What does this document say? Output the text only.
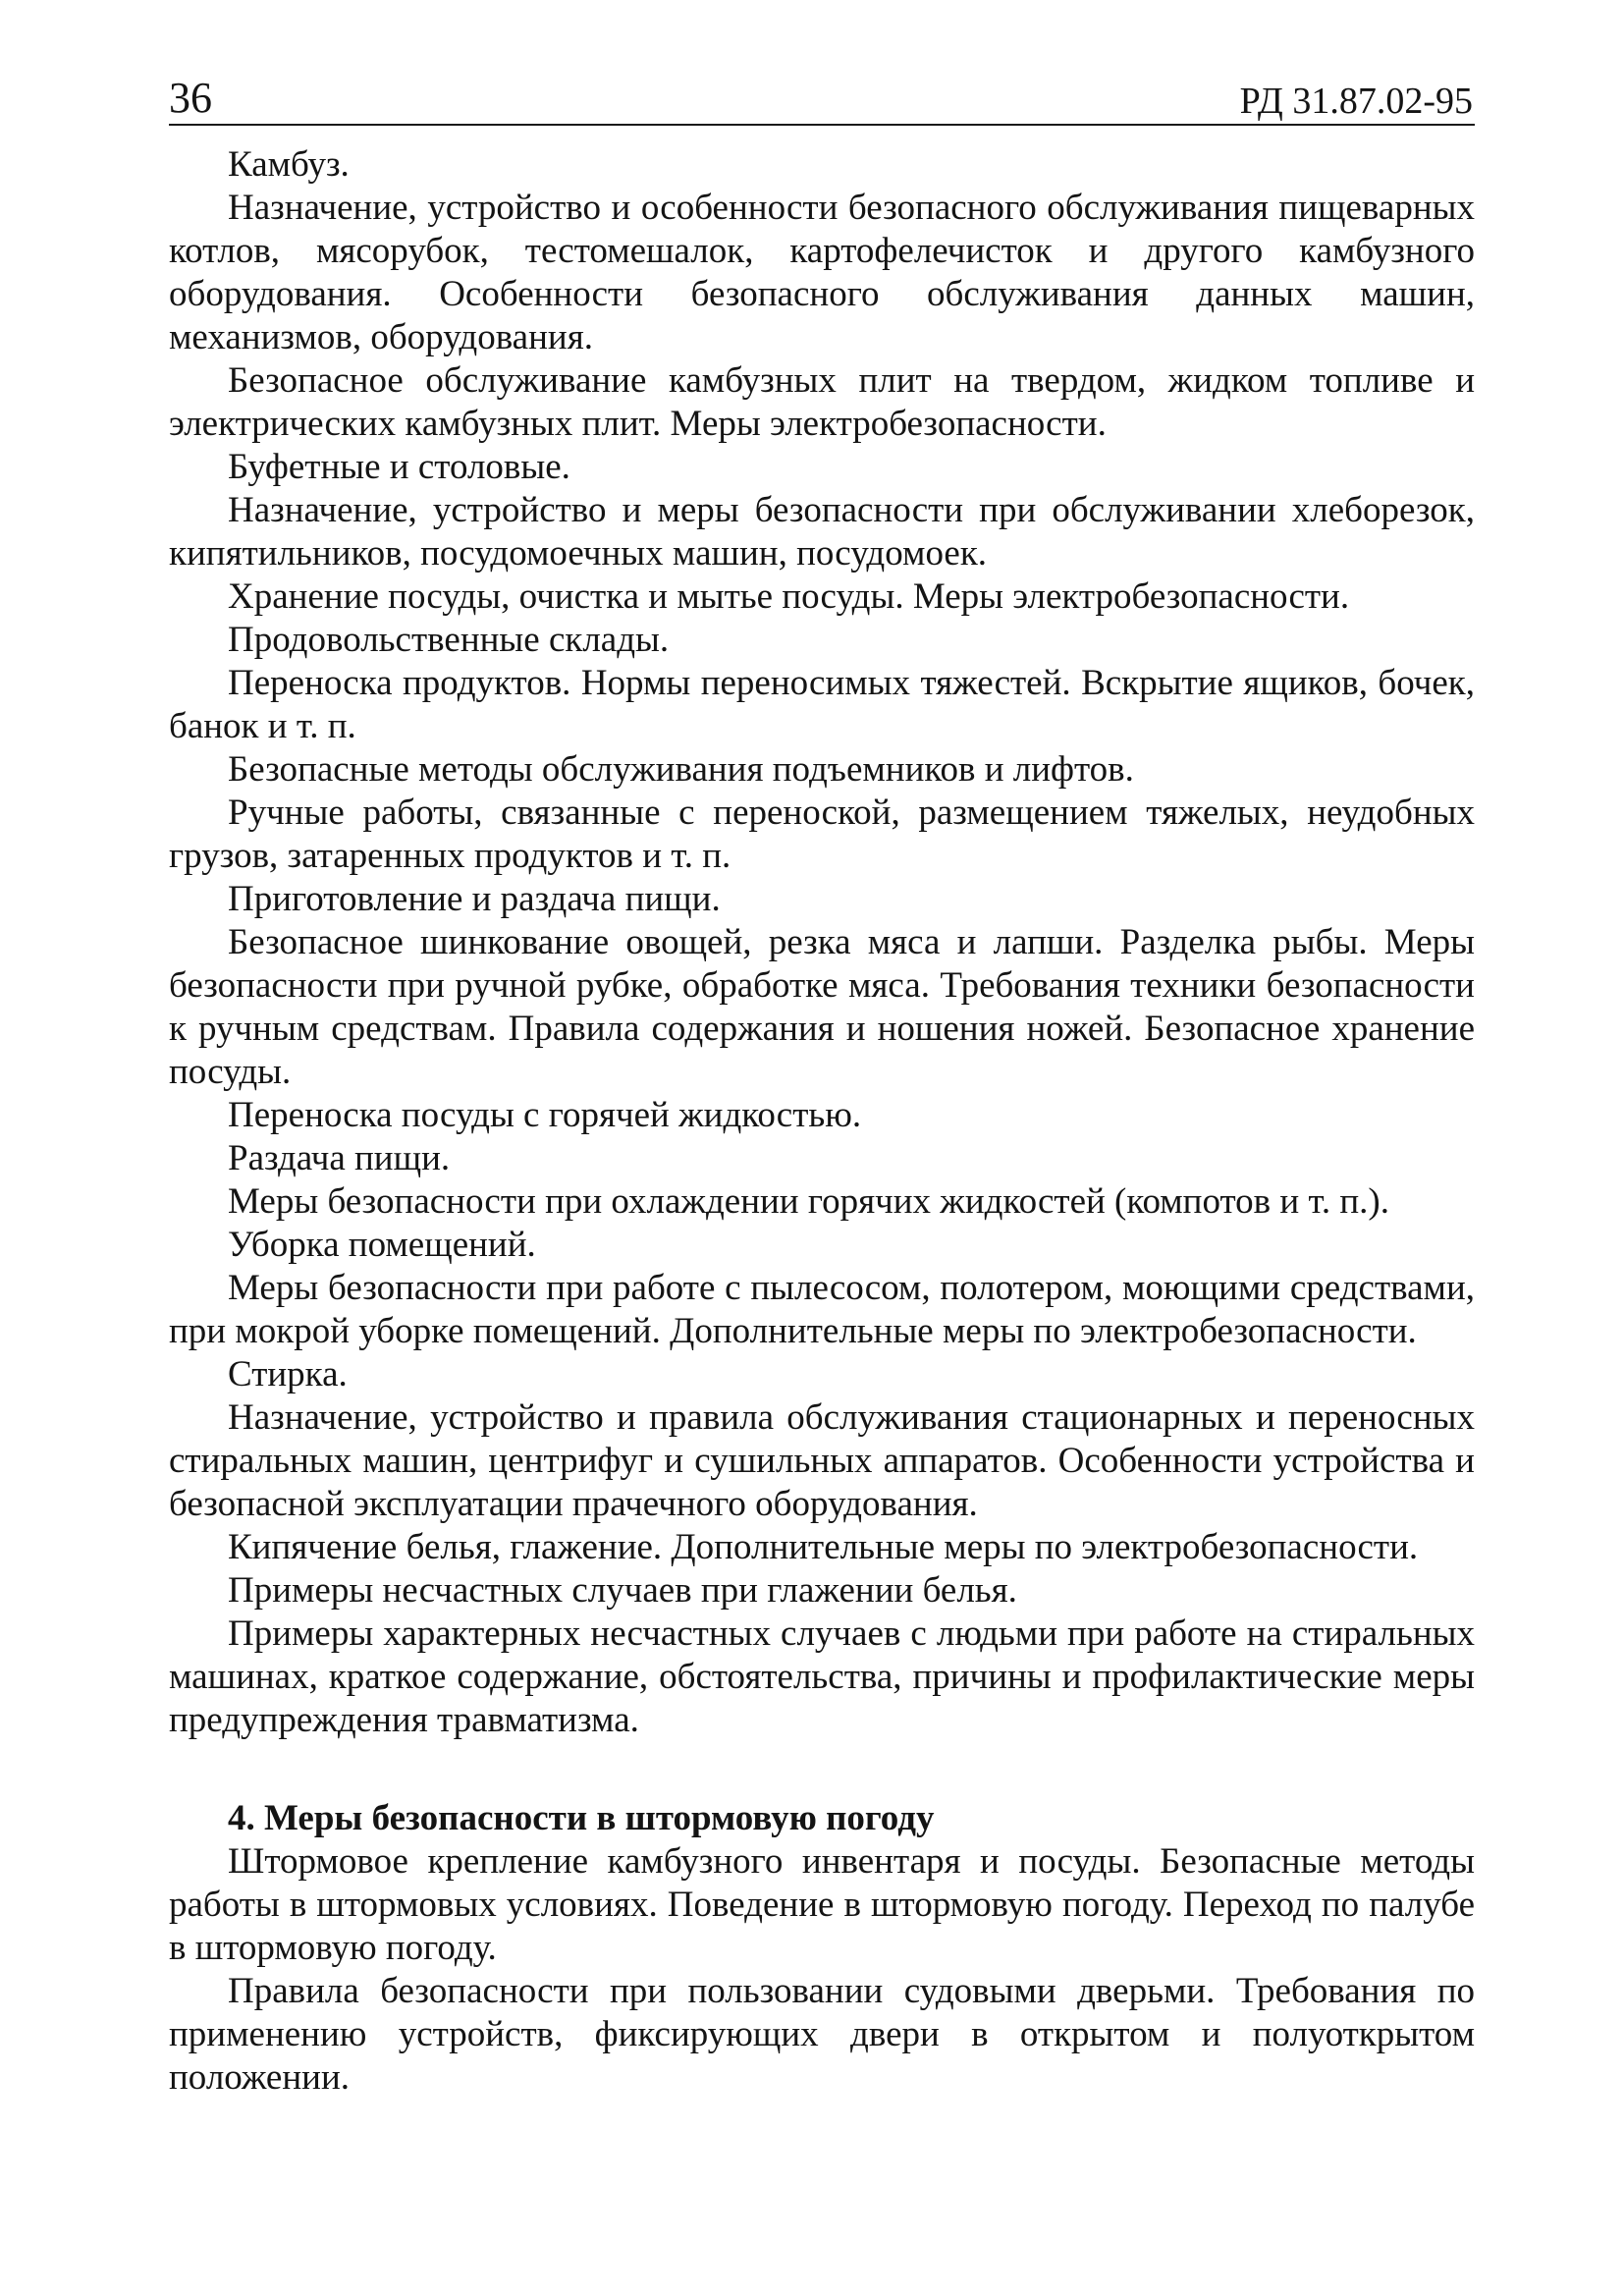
36	РД 31.87.02-95

Камбуз.

Назначение, устройство и особенности безопасного обслуживания пищеварных котлов, мясорубок, тестомешалок, картофелечисток и другого камбузного оборудования. Особенности безопасного обслуживания данных машин, механизмов, оборудования.

Безопасное обслуживание камбузных плит на твердом, жидком топливе и электрических камбузных плит. Меры электробезопасности.

Буфетные и столовые.

Назначение, устройство и меры безопасности при обслуживании хлеборезок, кипятильников, посудомоечных машин, посудомоек.

Хранение посуды, очистка и мытье посуды. Меры электробезопасности.

Продовольственные склады.

Переноска продуктов. Нормы переносимых тяжестей. Вскрытие ящиков, бочек, банок и т. п.

Безопасные методы обслуживания подъемников и лифтов.

Ручные работы, связанные с переноской, размещением тяжелых, неудобных грузов, затаренных продуктов и т. п.

Приготовление и раздача пищи.

Безопасное шинкование овощей, резка мяса и лапши. Разделка рыбы. Меры безопасности при ручной рубке, обработке мяса. Требования техники безопасности к ручным средствам. Правила содержания и ношения ножей. Безопасное хранение посуды.

Переноска посуды с горячей жидкостью.

Раздача пищи.

Меры безопасности при охлаждении горячих жидкостей (компотов и т. п.).

Уборка помещений.

Меры безопасности при работе с пылесосом, полотером, моющими средствами, при мокрой уборке помещений. Дополнительные меры по электробезопасности.

Стирка.

Назначение, устройство и правила обслуживания стационарных и переносных стиральных машин, центрифуг и сушильных аппаратов. Особенности устройства и безопасной эксплуатации прачечного оборудования.

Кипячение белья, глажение. Дополнительные меры по электробезопасности.

Примеры несчастных случаев при глажении белья.

Примеры характерных несчастных случаев с людьми при работе на стиральных машинах, краткое содержание, обстоятельства, причины и профилактические меры предупреждения травматизма.

4. Меры безопасности в штормовую погоду

Штормовое крепление камбузного инвентаря и посуды. Безопасные методы работы в штормовых условиях. Поведение в штормовую погоду. Переход по палубе в штормовую погоду.

Правила безопасности при пользовании судовыми дверьми. Требования по применению устройств, фиксирующих двери в открытом и полуоткрытом положении.
